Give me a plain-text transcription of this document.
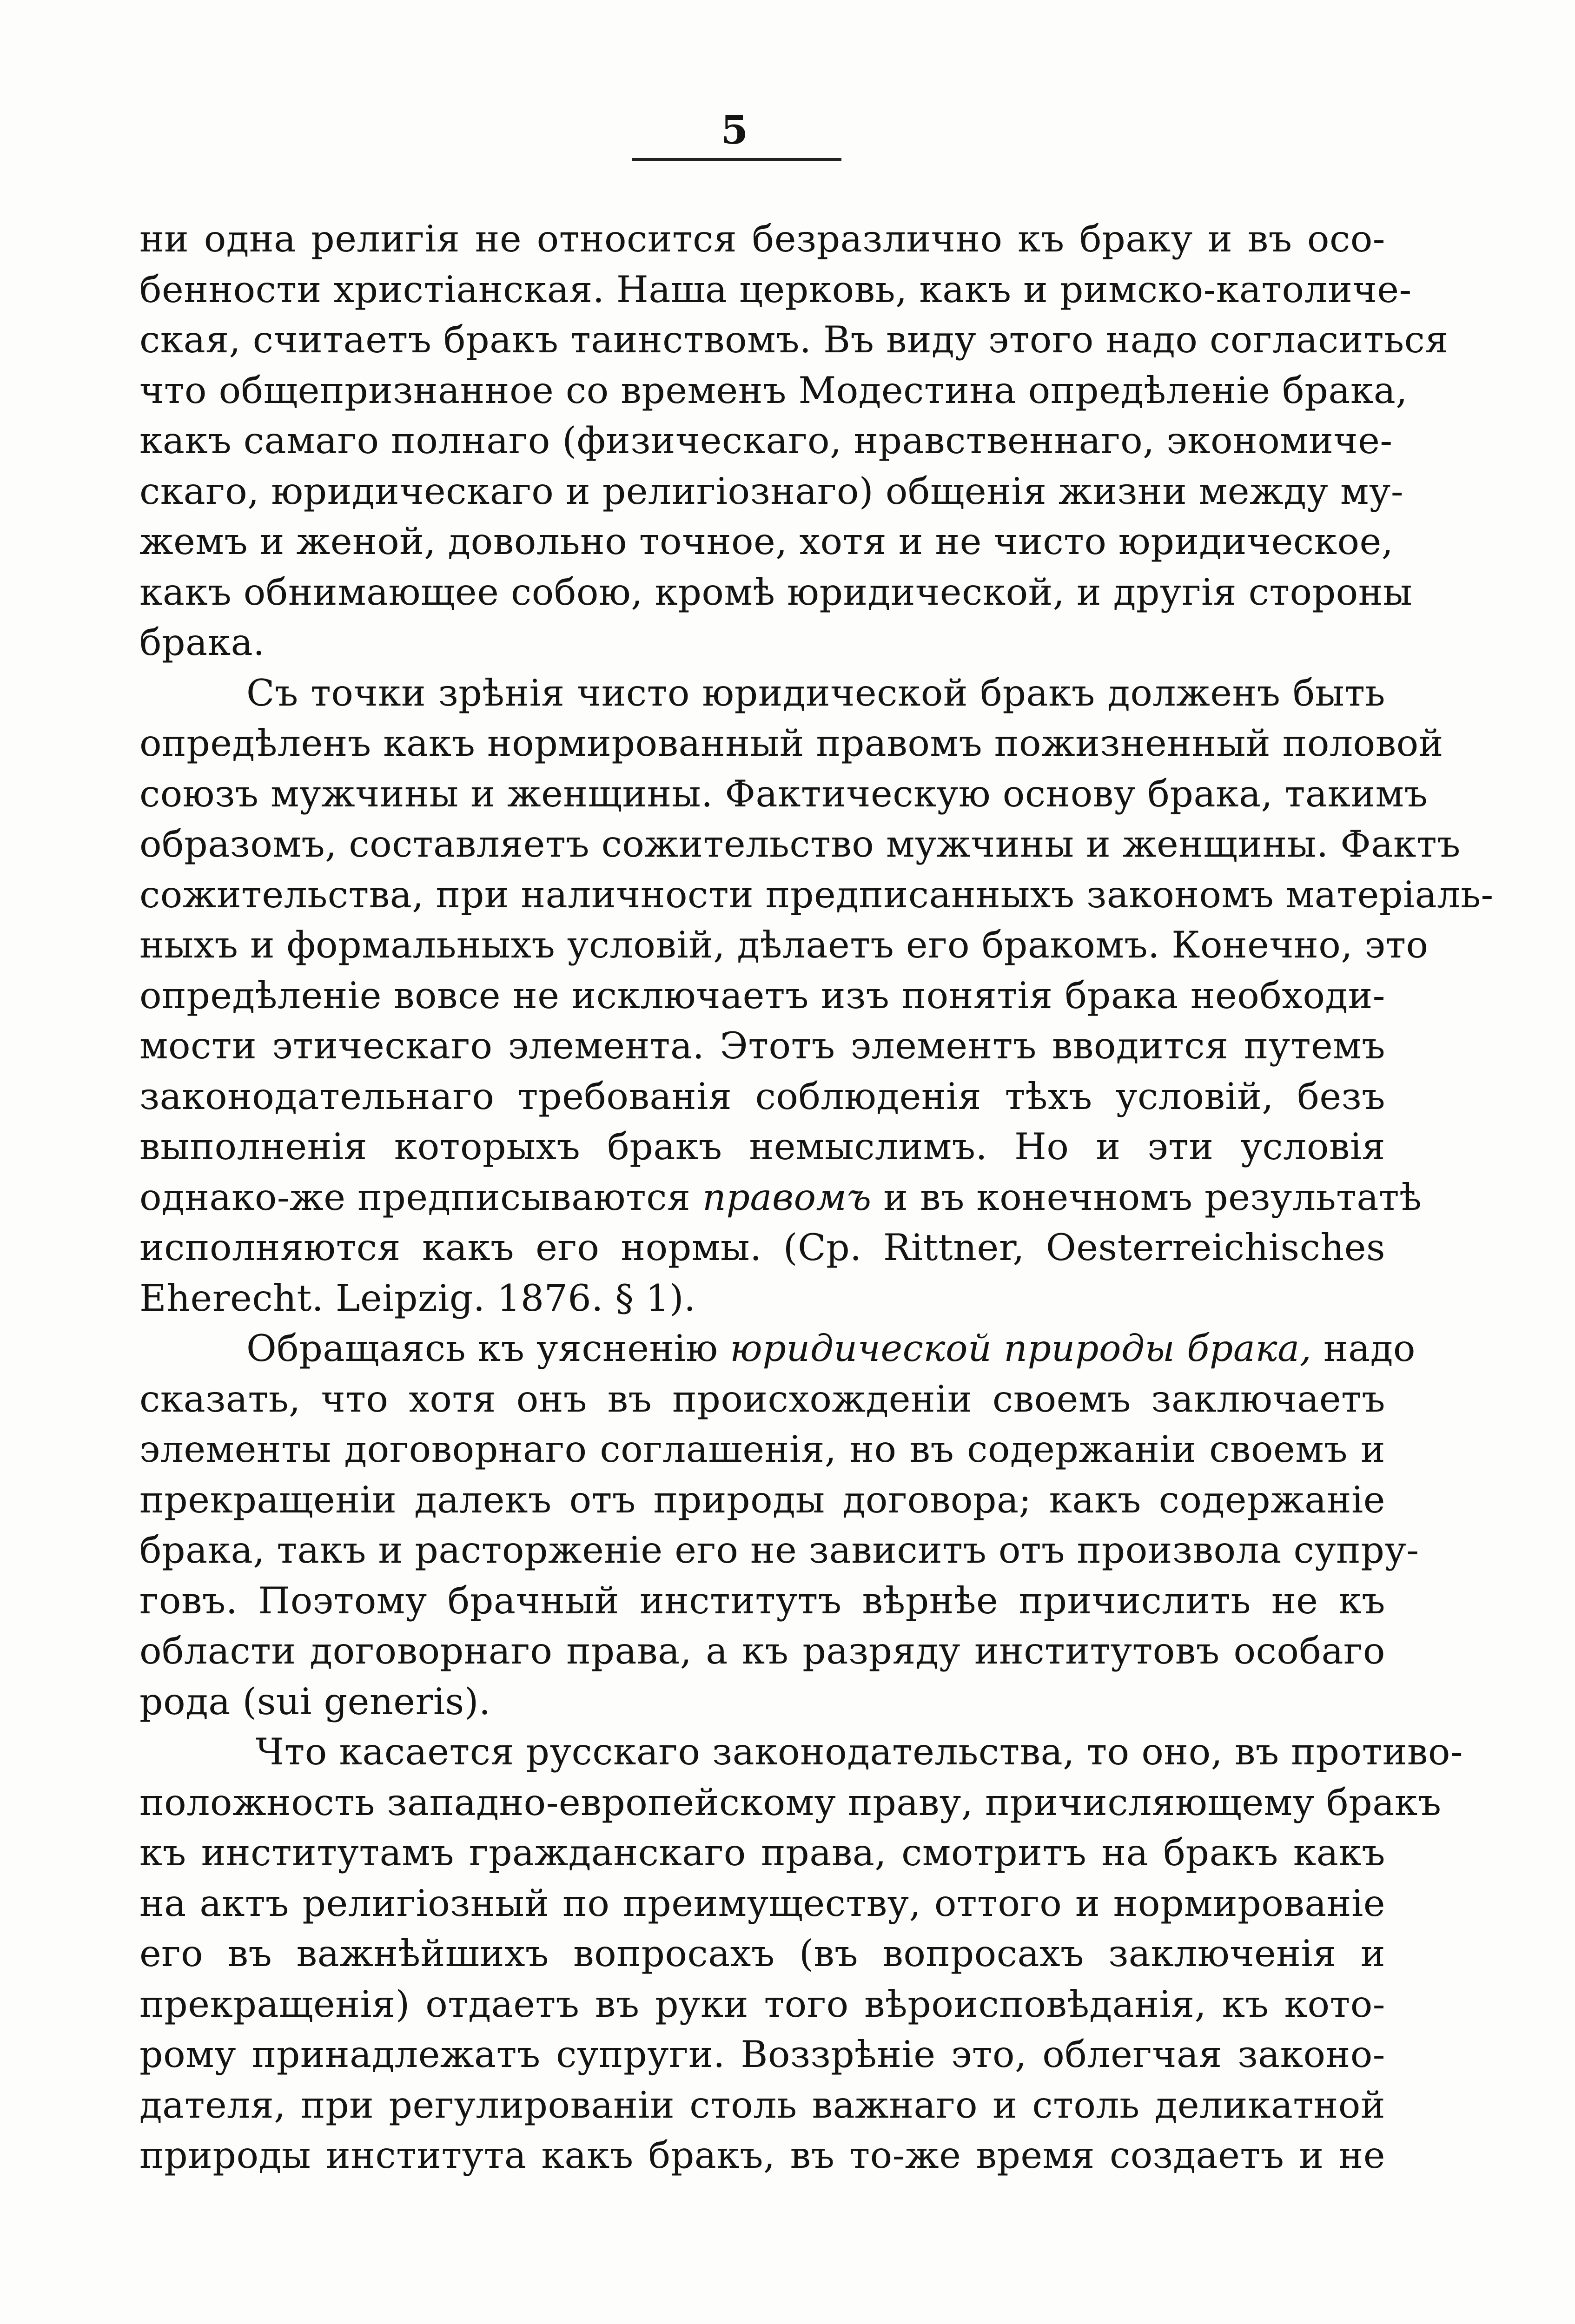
5
ни одна религія не относится безразлично къ браку и въ осо-
бенности христіанская. Наша церковь, какъ и римско-католиче-
ская, считаетъ бракъ таинствомъ. Въ виду этого надо согласиться
что общепризнанное со временъ Модестина опредѣленіе брака,
какъ самаго полнаго (физическаго, нравственнаго, экономиче-
скаго, юридическаго и религіознаго) общенія жизни между му-
жемъ и женой, довольно точное, хотя и не чисто юридическое,
какъ обнимающее собою, кромѣ юридической, и другія стороны
брака.
Съ точки зрѣнія чисто юридической бракъ долженъ быть
опредѣленъ какъ нормированный правомъ пожизненный половой
союзъ мужчины и женщины. Фактическую основу брака, такимъ
образомъ, составляетъ сожительство мужчины и женщины. Фактъ
сожительства, при наличности предписанныхъ закономъ матеріаль-
ныхъ и формальныхъ условій, дѣлаетъ его бракомъ. Конечно, это
опредѣленіе вовсе не исключаетъ изъ понятія брака необходи-
мости этическаго элемента. Этотъ элементъ вводится путемъ
законодательнаго требованія соблюденія тѣхъ условій, безъ
выполненія которыхъ бракъ немыслимъ. Но и эти условія
однако-же предписываются правомъ и въ конечномъ результатѣ
исполняются какъ его нормы. (Ср. Rittner, Oesterreichisches
Eherecht. Leipzig. 1876. § 1).
Обращаясь къ уясненію юридической природы брака, надо
сказать, что хотя онъ въ происхожденіи своемъ заключаетъ
элементы договорнаго соглашенія, но въ содержаніи своемъ и
прекращеніи далекъ отъ природы договора; какъ содержаніе
брака, такъ и расторженіе его не зависитъ отъ произвола супру-
говъ. Поэтому брачный институтъ вѣрнѣе причислить не къ
области договорнаго права, а къ разряду институтовъ особаго
рода (sui generis).
Что касается русскаго законодательства, то оно, въ противо-
положность западно-европейскому праву, причисляющему бракъ
къ институтамъ гражданскаго права, смотритъ на бракъ какъ
на актъ религіозный по преимуществу, оттого и нормированіе
его въ важнѣйшихъ вопросахъ (въ вопросахъ заключенія и
прекращенія) отдаетъ въ руки того вѣроисповѣданія, къ кото-
рому принадлежатъ супруги. Воззрѣніе это, облегчая законо-
дателя, при регулированіи столь важнаго и столь деликатной
природы института какъ бракъ, въ то-же время создаетъ и не
